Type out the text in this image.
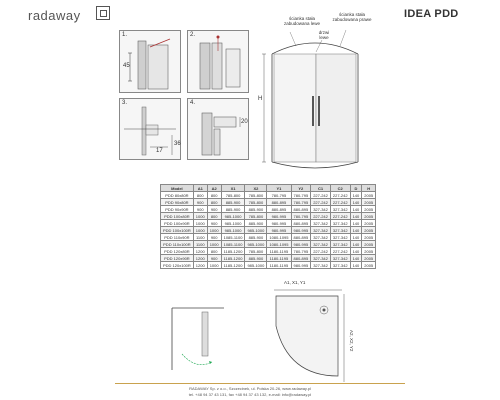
radaway	IDEA PDD
1.
45
2.
3.
17
36
4.
20
H
ścianka stała
zabudowana lewe
drzwi
lewe
ścianka stała
zabudowana prawe
Model	A1	A2	X1	X2	Y1	Y2	C1	C2	D	H
PDD 80x80R	800	800	785-800	785-800	780-795	780-795	227-242	227-242	140	2005
PDD 90x80R	900	800	885-900	785-800	880-895	780-795	227-242	227-242	140	2005
PDD 90x90R	900	900	885-900	885-900	880-895	880-895	327-342	327-342	140	2005
PDD 100x80R	1000	800	985-1000	785-800	980-995	780-795	227-242	227-242	140	2005
PDD 100x90R	1000	900	985-1000	885-900	980-995	880-895	327-342	327-342	140	2005
PDD 100x100R	1000	1000	985-1000	985-1000	980-995	980-995	327-342	327-342	140	2005
PDD 110x90R	1100	900	1085-1100	885-900	1080-1095	880-895	327-342	327-342	140	2005
PDD 110x100R	1100	1000	1085-1100	985-1000	1080-1095	980-995	327-342	327-342	140	2005
PDD 120x80R	1200	800	1185-1200	785-800	1180-1195	780-795	227-242	227-242	140	2005
PDD 120x90R	1200	900	1185-1200	885-900	1180-1195	880-895	327-342	327-342	140	2005
PDD 120x100R	1200	1000	1185-1200	985-1000	1180-1195	980-995	327-342	327-342	140	2005
A1, X1, Y1
A2, X2, Y2
RADAWAY Sp. z o.o., Szczecinek, ul. Polska 20-26, www.radaway.pl
tel. +48 94 37 43 131, fax +48 94 37 43 132, e-mail: info@radaway.pl
